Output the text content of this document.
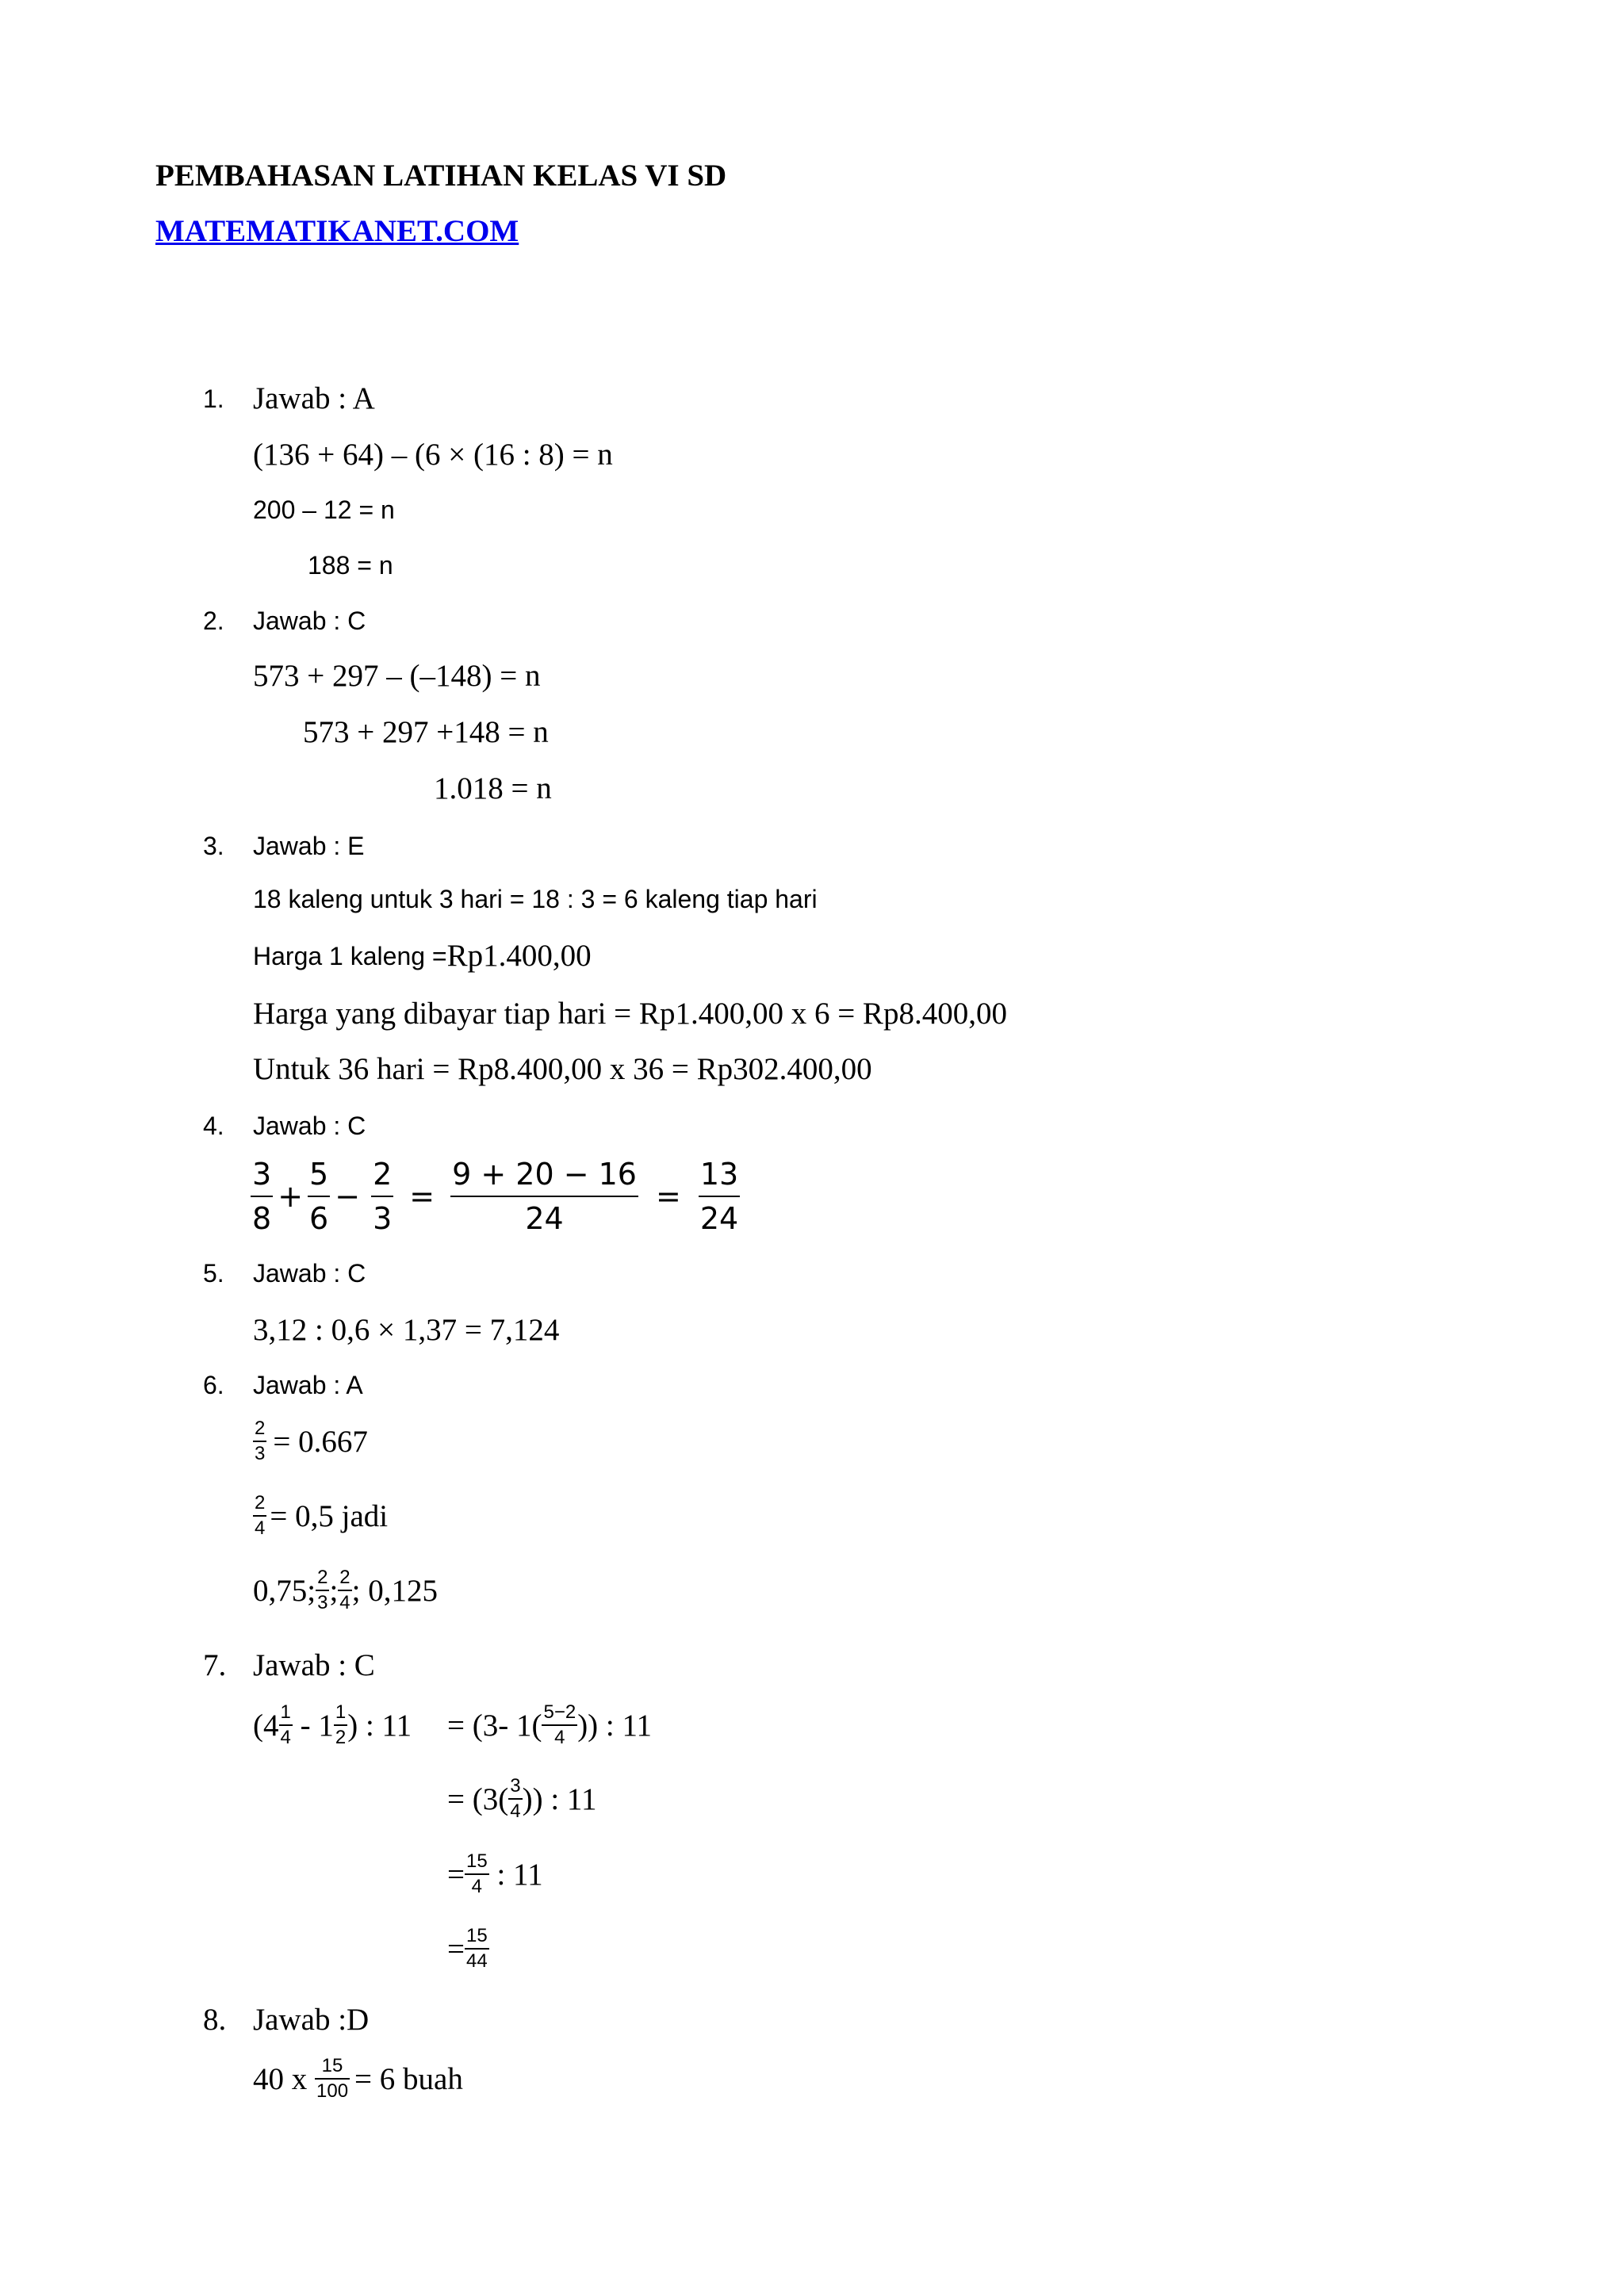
PEMBAHASAN LATIHAN KELAS VI SD
MATEMATIKANET.COM
1. Jawab : A
(136 + 64) – (6 × (16 : 8) = n
200 – 12 = n
188 = n
2. Jawab : C
573 + 297 – (–148) = n
573 + 297 +148 = n
1.018 = n
3. Jawab : E
18 kaleng untuk 3 hari = 18 : 3 = 6 kaleng tiap hari
Harga 1 kaleng = Rp1.400,00
Harga yang dibayar tiap hari = Rp1.400,00 x 6 = Rp8.400,00
Untuk 36 hari = Rp8.400,00 x 36 = Rp302.400,00
4. Jawab : C
$\frac{3}{8} + \frac{5}{6} - \frac{2}{3} = \frac{9 + 20 - 16}{24} = \frac{13}{24}$
5. Jawab : C
3,12 : 0,6 × 1,37 = 7,124
6. Jawab : A
$\frac{2}{3} = 0.667$
$\frac{2}{4} = 0,5$ jadi
0,75; $\frac{2}{3}$ ; $\frac{2}{4}$ ; 0,125
7. Jawab : C
($4 \frac{1}{4} - 1 \frac{1}{2}$ ) : 11 = (3- $1( \frac{5-2}{4}$ )) : 11
= ($3( \frac{3}{4}$ )) : 11
= $\frac{15}{4}$ : 11
= $\frac{15}{44}$
8. Jawab :D
40 x $\frac{15}{100} = 6$ buah
